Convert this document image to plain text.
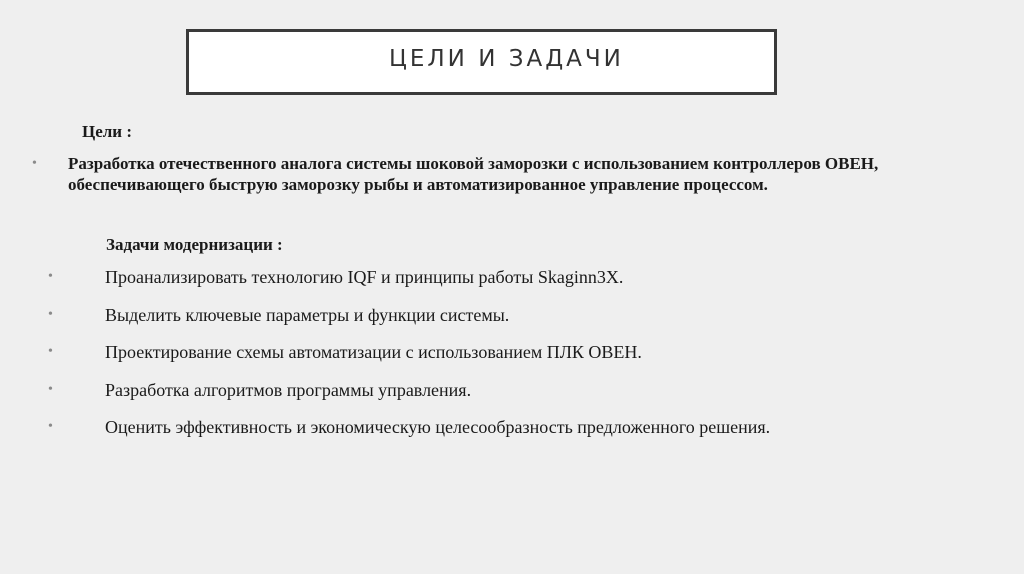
ЦЕЛИ И ЗАДАЧИ
Цели :
• Разработка отечественного аналога системы шоковой заморозки с использованием контроллеров ОВЕН, обеспечивающего быструю заморозку рыбы и автоматизированное управление процессом.
Задачи модернизации :
•	Проанализировать технологию IQF и принципы работы Skaginn3X.
•	Выделить ключевые параметры и функции системы.
•	Проектирование схемы автоматизации с использованием ПЛК ОВЕН.
•	Разработка алгоритмов программы управления.
•	Оценить эффективность и экономическую целесообразность предложенного решения.
